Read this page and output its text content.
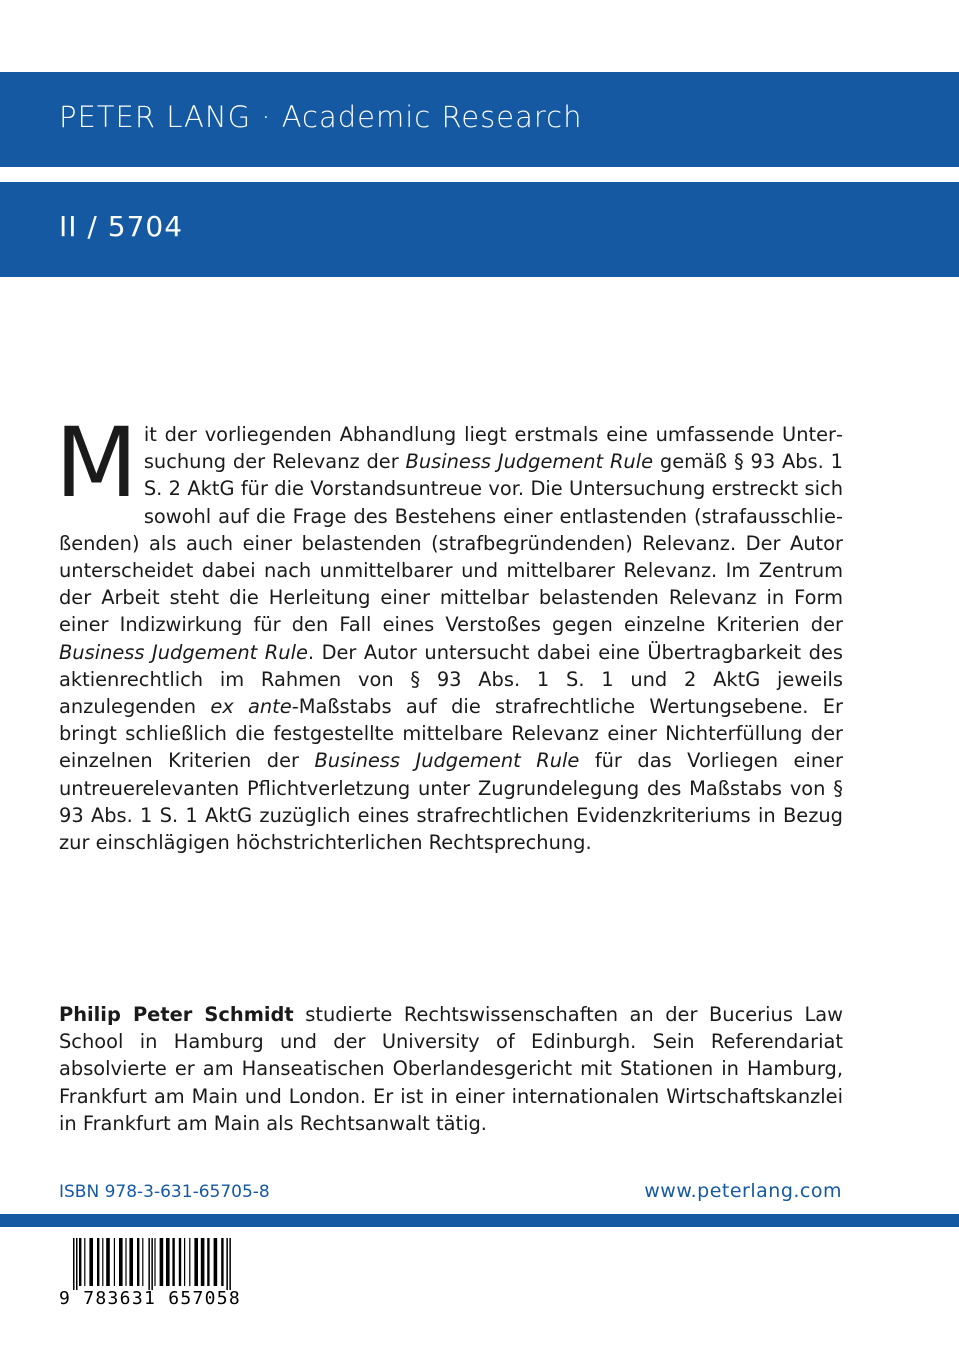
PETER LANG · Academic Research
II / 5704

Mit der vorliegenden Abhandlung liegt erstmals eine umfassende Untersuchung der Relevanz der Business Judgement Rule gemäß § 93 Abs. 1 S. 2 AktG für die Vorstandsuntreue vor. Die Untersuchung erstreckt sich sowohl auf die Frage des Bestehens einer entlastenden (strafausschließenden) als auch einer belastenden (strafbegründenden) Relevanz. Der Autor unterscheidet dabei nach unmittelbarer und mittelbarer Relevanz. Im Zentrum der Arbeit steht die Herleitung einer mittelbar belastenden Relevanz in Form einer Indizwirkung für den Fall eines Verstoßes gegen einzelne Kriterien der Business Judgement Rule. Der Autor untersucht dabei eine Übertragbarkeit des aktienrechtlich im Rahmen von § 93 Abs. 1 S. 1 und 2 AktG jeweils anzulegenden ex ante-Maßstabs auf die strafrechtliche Wertungsebene. Er bringt schließlich die festgestellte mittelbare Relevanz einer Nichterfüllung der einzelnen Kriterien der Business Judgement Rule für das Vorliegen einer untreuerelevanten Pflichtverletzung unter Zugrundelegung des Maßstabs von § 93 Abs. 1 S. 1 AktG zuzüglich eines strafrechtlichen Evidenzkriteriums in Bezug zur einschlägigen höchstrichterlichen Rechtsprechung.

Philip Peter Schmidt studierte Rechtswissenschaften an der Bucerius Law School in Hamburg und der University of Edinburgh. Sein Referendariat absolvierte er am Hanseatischen Oberlandesgericht mit Stationen in Hamburg, Frankfurt am Main und London. Er ist in einer internationalen Wirtschaftskanzlei in Frankfurt am Main als Rechtsanwalt tätig.

ISBN 978-3-631-65705-8	www.peterlang.com
9 783631 657058
